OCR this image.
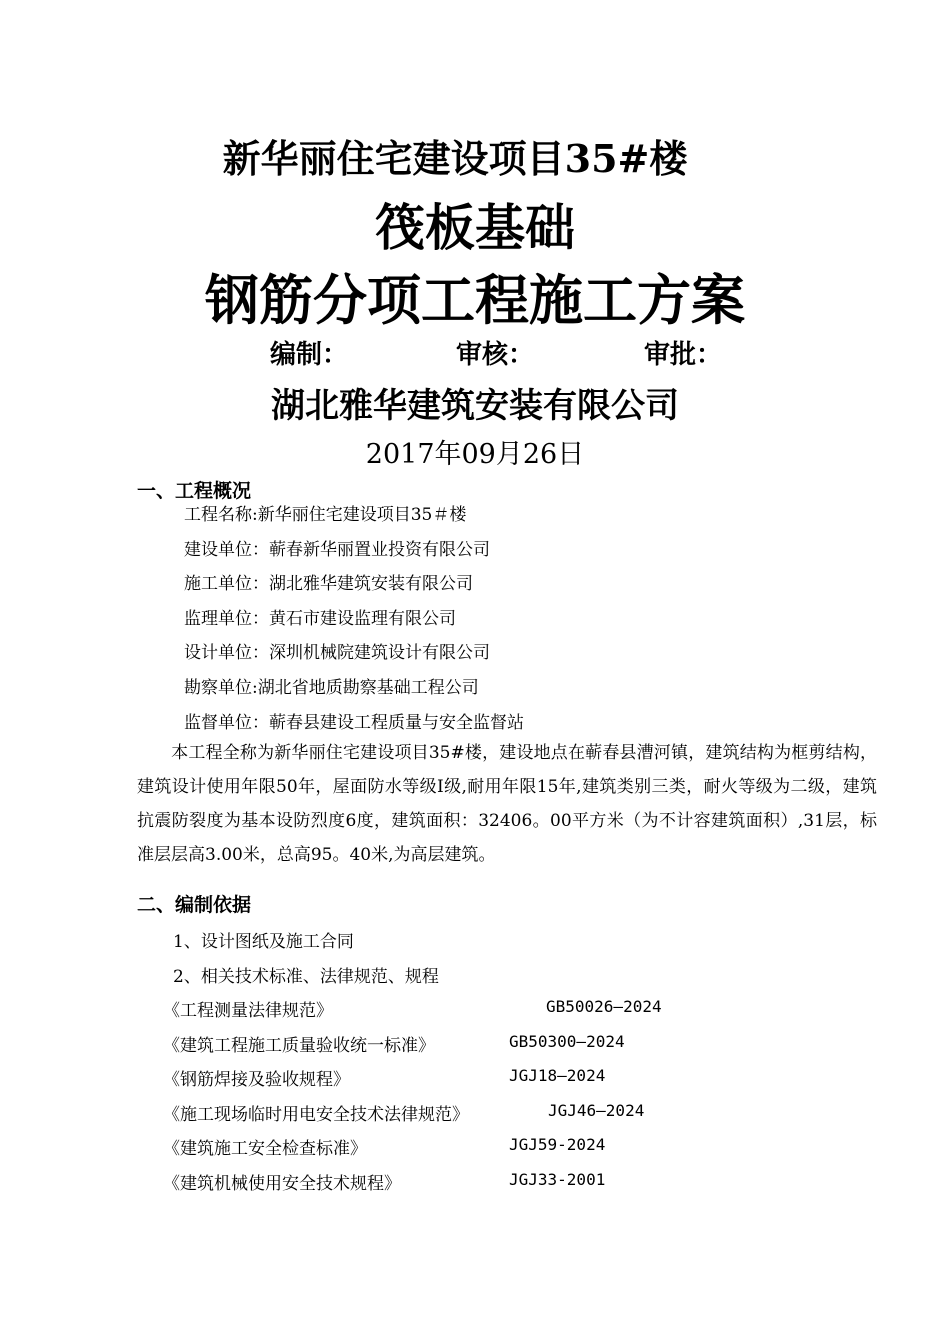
新华丽住宅建设项目35#楼
筏板基础
钢筋分项工程施工方案
编制：	审核：	审批：
湖北雅华建筑安装有限公司
2017年09月26日
一、工程概况
工程名称:新华丽住宅建设项目35＃楼
建设单位：蕲春新华丽置业投资有限公司
施工单位：湖北雅华建筑安装有限公司
监理单位：黄石市建设监理有限公司
设计单位：深圳机械院建筑设计有限公司
勘察单位:湖北省地质勘察基础工程公司
监督单位：蕲春县建设工程质量与安全监督站
本工程全称为新华丽住宅建设项目35#楼，建设地点在蕲春县漕河镇，建筑结构为框剪结构，建筑设计使用年限50年，屋面防水等级Ⅰ级,耐用年限15年,建筑类别三类，耐火等级为二级，建筑抗震防裂度为基本设防烈度6度，建筑面积：32406。00平方米（为不计容建筑面积）,31层，标准层层高3.00米，总高95。40米,为高层建筑。
二、编制依据
1、设计图纸及施工合同
2、相关技术标准、法律规范、规程
《工程测量法律规范》	GB50026—2024
《建筑工程施工质量验收统一标准》	GB50300—2024
《钢筋焊接及验收规程》	JGJ18—2024
《施工现场临时用电安全技术法律规范》	JGJ46—2024
《建筑施工安全检查标准》	JGJ59-2024
《建筑机械使用安全技术规程》	JGJ33-2001
